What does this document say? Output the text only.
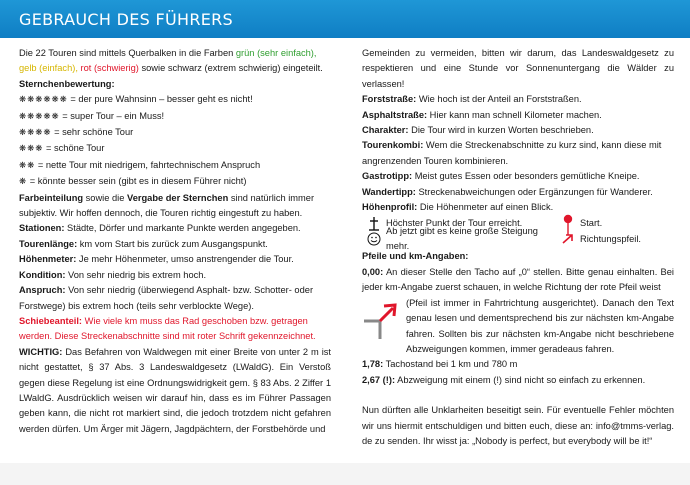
GEBRAUCH DES FÜHRERS
Die 22 Touren sind mittels Querbalken in die Farben grün (sehr einfach),
gelb (einfach), rot (schwierig) sowie schwarz (extrem schwierig) eingeteilt.
Sternchenbewertung:
❋❋❋❋❋❋ = der pure Wahnsinn – besser geht es nicht!
❋❋❋❋❋ = super Tour – ein Muss!
❋❋❋❋ = sehr schöne Tour
❋❋❋ = schöne Tour
❋❋ = nette Tour mit niedrigem, fahrtechnischem Anspruch
❋ = könnte besser sein (gibt es in diesem Führer nicht)
Farbeinteilung sowie die Vergabe der Sternchen sind natürlich immer subjektiv. Wir hoffen dennoch, die Touren richtig eingestuft zu haben.
Stationen: Städte, Dörfer und markante Punkte werden angegeben.
Tourenlänge: km vom Start bis zurück zum Ausgangspunkt.
Höhenmeter: Je mehr Höhenmeter, umso anstrengender die Tour.
Kondition: Von sehr niedrig bis extrem hoch.
Anspruch: Von sehr niedrig (überwiegend Asphalt- bzw. Schotter- oder Forstwege) bis extrem hoch (teils sehr verblockte Wege).
Schiebeanteil: Wie viele km muss das Rad geschoben bzw. getragen werden. Diese Streckenabschnitte sind mit roter Schrift gekennzeichnet.
WICHTIG: Das Befahren von Waldwegen mit einer Breite von unter 2 m ist nicht gestattet, § 37 Abs. 3 Landeswaldgesetz (LWaldG). Ein Verstoß gegen diese Regelung ist eine Ordnungswidrigkeit gem. § 83 Abs. 2 Ziffer 1 LWaldG. Ausdrücklich weisen wir darauf hin, dass es im Führer Passagen geben kann, die nicht rot markiert sind, die jedoch trotzdem nicht gefahren werden dürfen. Um Ärger mit Jägern, Jagdpächtern, der Forstbehörde und
Gemeinden zu vermeiden, bitten wir darum, das Landeswaldgesetz zu respektieren und eine Stunde vor Sonnenuntergang die Wälder zu verlassen!
Forststraße: Wie hoch ist der Anteil an Forststraßen.
Asphaltstraße: Hier kann man schnell Kilometer machen.
Charakter: Die Tour wird in kurzen Worten beschrieben.
Tourenkombi: Wem die Streckenabschnitte zu kurz sind, kann diese mit angrenzenden Touren kombinieren.
Gastrotipp: Meist gutes Essen oder besonders gemütliche Kneipe.
Wandertipp: Streckenabweichungen oder Ergänzungen für Wanderer.
Höhenprofil: Die Höhenmeter auf einen Blick.
Höchster Punkt der Tour erreicht.	Start.
Ab jetzt gibt es keine große Steigung mehr.
Richtungspfeil.
Pfeile und km-Angaben:
0,00: An dieser Stelle den Tacho auf „0“ stellen. Bitte genau einhalten. Bei jeder km-Angabe zuerst schauen, in welche Richtung der rote Pfeil weist
(Pfeil ist immer in Fahrtrichtung ausgerichtet). Danach den Text genau lesen und dementsprechend bis zur nächsten km-Angabe fahren. Sollten bis zur nächsten km-Angabe nicht beschriebene Abzweigungen kommen, immer geradeaus fahren.
1,78: Tachostand bei 1 km und 780 m
2,67 (!): Abzweigung mit einem (!) sind nicht so einfach zu erkennen.
Nun dürften alle Unklarheiten beseitigt sein. Für eventuelle Fehler möchten wir uns hiermit entschuldigen und bitten euch, diese an: info@tmms-verlag. de zu senden. Ihr wisst ja: „Nobody is perfect, but everybody will be it!“
